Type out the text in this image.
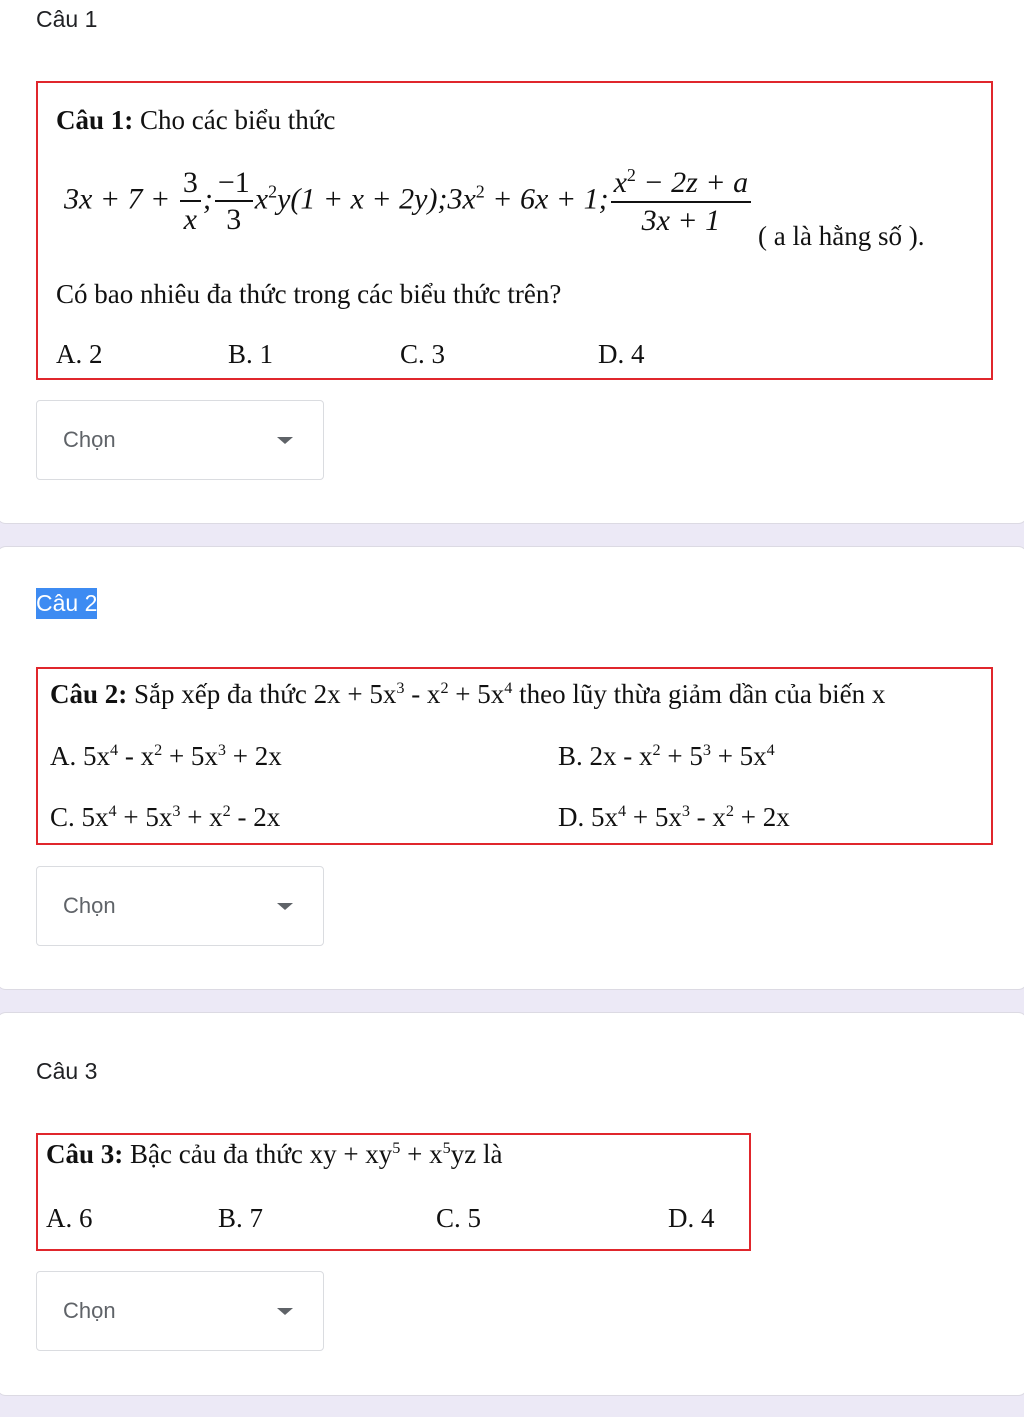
Câu 1
Câu 1: Cho các biểu thức
$3x + 7 + \frac{3}{x}$ ; $\frac{-1}{3} x^2y(1 + x$ + $2y);3x^2 + 6x + 1$; $\frac{x^2 - 2z + a}{3x + 1}$ ( a là hằng số ).
Có bao nhiêu đa thức trong các biểu thức trên?
A. 2	B. 1	C. 3	D. 4
Chọn
Câu 2
Câu 2: Sắp xếp đa thức $2x + 5x^3 - x^2 + 5x^4$ theo lũy thừa giảm dần của biến x
A. $5x^4 - x^2 + 5x^3 + 2x$	B. $2x - x^2 + 5^3 + 5x^4$
C. $5x^4 + 5x^3 + x^2 - 2x$	D. $5x^4 + 5x^3 - x^2 + 2x$
Chọn
Câu 3
Câu 3: Bậc cảu đa thức xy + $xy^5 + x^5yz$ là
A. 6	B. 7	C. 5	D. 4
Chọn
